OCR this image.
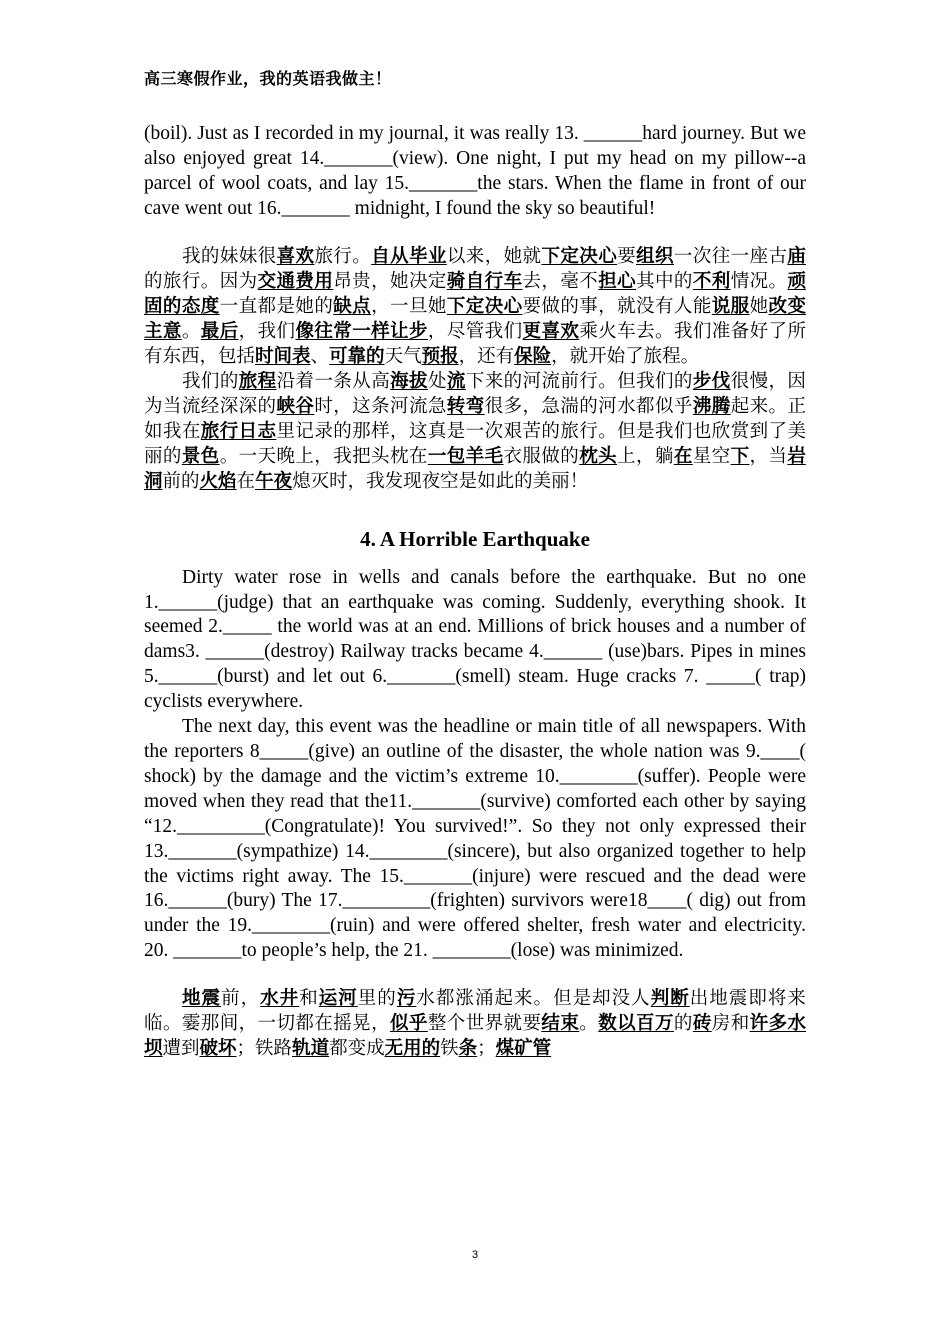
高三寒假作业，我的英语我做主！

(boil). Just as I recorded in my journal, it was really 13. ______hard journey. But we also enjoyed great 14._______(view). One night, I put my head on my pillow--a parcel of wool coats, and lay 15._______the stars. When the flame in front of our cave went out 16._______ midnight, I found the sky so beautiful!

我的妹妹很喜欢旅行。自从毕业以来，她就下定决心要组织一次往一座古庙的旅行。因为交通费用昂贵，她决定骑自行车去，毫不担心其中的不利情况。顽固的态度一直都是她的缺点，一旦她下定决心要做的事，就没有人能说服她改变主意。最后，我们像往常一样让步，尽管我们更喜欢乘火车去。我们准备好了所有东西，包括时间表、可靠的天气预报，还有保险，就开始了旅程。

我们的旅程沿着一条从高海拔处流下来的河流前行。但我们的步伐很慢，因为当流经深深的峡谷时，这条河流急转弯很多，急湍的河水都似乎沸腾起来。正如我在旅行日志里记录的那样，这真是一次艰苦的旅行。但是我们也欣赏到了美丽的景色。一天晚上，我把头枕在一包羊毛衣服做的枕头上，躺在星空下，当岩洞前的火焰在午夜熄灭时，我发现夜空是如此的美丽！

4. A Horrible Earthquake

Dirty water rose in wells and canals before the earthquake. But no one 1.______(judge) that an earthquake was coming. Suddenly, everything shook. It seemed 2._____ the world was at an end. Millions of brick houses and a number of dams3. ______(destroy) Railway tracks became 4.______ (use)bars. Pipes in mines 5.______(burst) and let out 6._______(smell) steam. Huge cracks 7. _____( trap) cyclists everywhere.

The next day, this event was the headline or main title of all newspapers. With the reporters 8_____(give) an outline of the disaster, the whole nation was 9.____( shock) by the damage and the victim’s extreme 10.________(suffer). People were moved when they read that the11._______(survive) comforted each other by saying “12._________(Congratulate)! You survived!”. So they not only expressed their 13._______(sympathize) 14.________(sincere), but also organized together to help the victims right away. The 15._______(injure) were rescued and the dead were 16.______(bury) The 17._________(frighten) survivors were18____( dig) out from under the 19.________(ruin) and were offered shelter, fresh water and electricity. 20. _______to people’s help, the 21. ________(lose) was minimized.

地震前，水井和运河里的污水都涨涌起来。但是却没人判断出地震即将来临。霎那间，一切都在摇晃，似乎整个世界就要结束。数以百万的砖房和许多水坝遭到破坏；铁路轨道都变成无用的铁条；煤矿管

3
